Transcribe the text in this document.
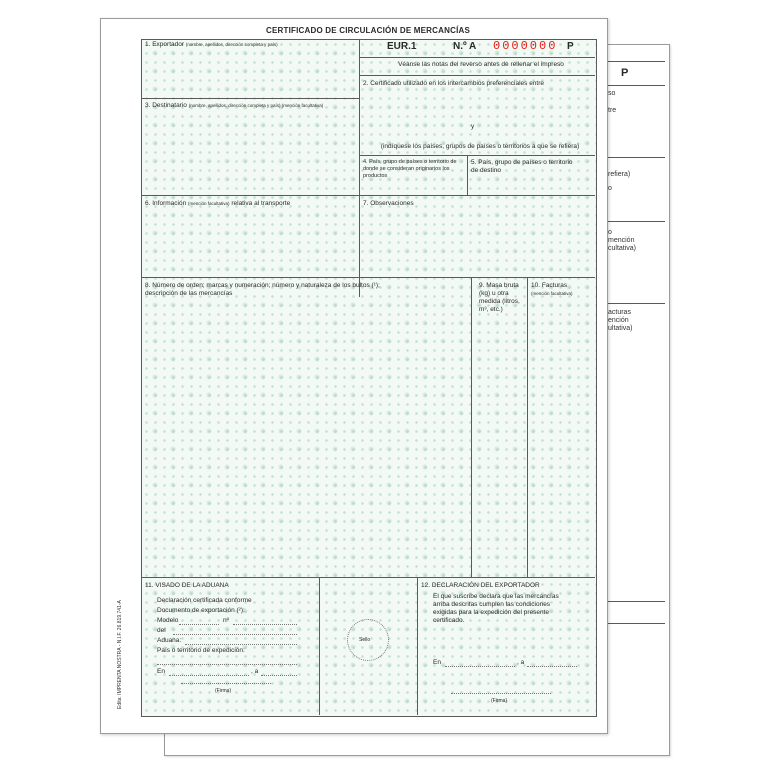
P
so
tre
refiera)
o
o
mención
cultativa)
acturas
ención
ultativa)
CERTIFICADO DE CIRCULACIÓN DE MERCANCÍAS
EUR.1	N.º A 0000000 P
Véanse las notas del reverso antes de rellenar el impreso
1. Exportador (nombre, apellidos, dirección completa y país)
2. Certificado utilizado en los intercambios preferenciales entre
y
(indíquese los países, grupos de países o territorios a que se refiera)
3. Destinatario (nombre, apellidos, dirección completa y país) (mención facultativa)
4. País, grupo de países o territorio de donde se consideran originarios los productos
5. País, grupo de países o territorio de destino
6. Información (mención facultativa) relativa al transporte	7. Observaciones
8. Número de orden; marcas y numeración; número y naturaleza de los bultos (¹); descripción de las mercancías
9. Masa bruta (kg) u otra medida (litros, m³, etc.)
10. Facturas
(mención facultativa)
11. VISADO DE LA ADUANA
Declaración certificada conforme
Documento de exportación (²):
Modelo	nº
del
Aduana:
País o territorio de expedición:
En	, a
(Firma)
Sello
12. DECLARACIÓN DEL EXPORTADOR
El que suscribe declara que las mercancías arriba descritas cumplen las condiciones exigidas para la expedición del presente certificado.
En	, a
(Firma)
Edita: IMPRENTA NOSTRA - N.I.F. 26.819.741-A
